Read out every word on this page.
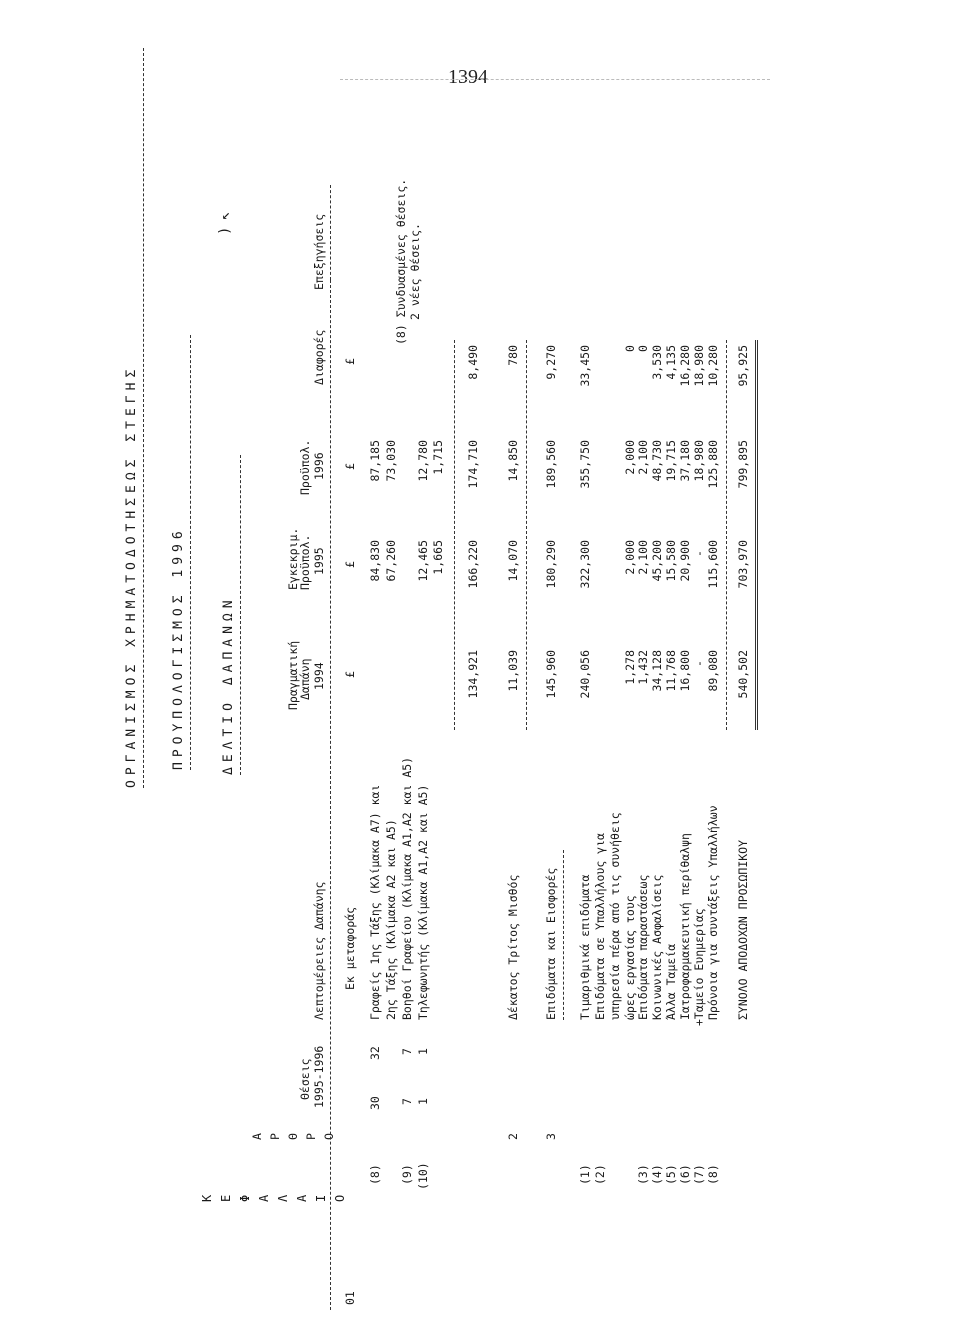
1394
ΟΡΓΑΝΙΣΜΟΣ ΧΡΗΜΑΤΟΔΟΤΗΣΕΩΣ ΣΤΕΓΗΣ ΠΡΟΥΠΟΛΟΓΙΣΜΟΣ 1996	ΔΕΛΤΙΟ ΔΑΠΑΝΩΝ
ΚΕΦΑΛΑΙΟ
ΑΡΘΡΟ
Θέσεις 1995-1996
Λεπτομέρειες Δαπάνης
Πραγματική
Δαπάνη 1994
Εγκεκριμ.
Προϋπολ. 1995
Προϋπολ. 1996
Διαφορές
Επεξηγήσεις
£
£
£
£
01
Εκ μεταφοράς
(8)
30
32
Γραφείς 1ης Τάξης (Κλίμακα Α7) και 2ης Τάξης (Κλίμακα Α2 και Α5)
84,830
87,185
(9)
7
7
Βοηθοί Γραφείου (Κλίμακα Α1,Α2 και Α5)
67,260
73,030
(10)
1
1
Τηλεφωνητής (Κλίμακα Α1,Α2 και Α5)
12,465
12,780
1,665
1,715
(8) Συνδυασμένες θέσεις. 2 νέες θέσεις.
134,921
166,220
174,710
8,490
2
Δέκατος Τρίτος Μισθός
11,039
14,070
14,850
780
145,960
180,290
189,560
9,270
3
Επιδόματα και Εισφορές
(1)
Τιμαριθμικά επιδόματα
240,056
322,300
355,750
33,450
(2)
Επιδόματα σε Υπαλλήλους για υπηρεσία πέρα από τις συνήθεις ώρες εργασίας τους
(3)
Επιδόματα παραστάσεως
(4)
Κοινωνικές Ασφαλίσεις
(5)
Άλλα Ταμεία
(6)
Ιατροφαρμακευτική περίθαλψη
(7)
+Ταμείο Ευημερίας
(8)
Πρόνοια για συντάξεις Υπαλλήλων
1,278
2,000
2,000
0
1,432
2,100
2,100
0
34,128
45,200
48,730
3,530
11,768
15,580
19,715
4,135
16,800
20,900
37,180
16,280
-
-
18,980
18,980
89,080
115,600
125,880
10,280
ΣΥΝΟΛΟ ΑΠΟΔΟΧΩΝ ΠΡΟΣΩΠΙΚΟΥ
540,502
703,970
799,895
95,925
)
↖
